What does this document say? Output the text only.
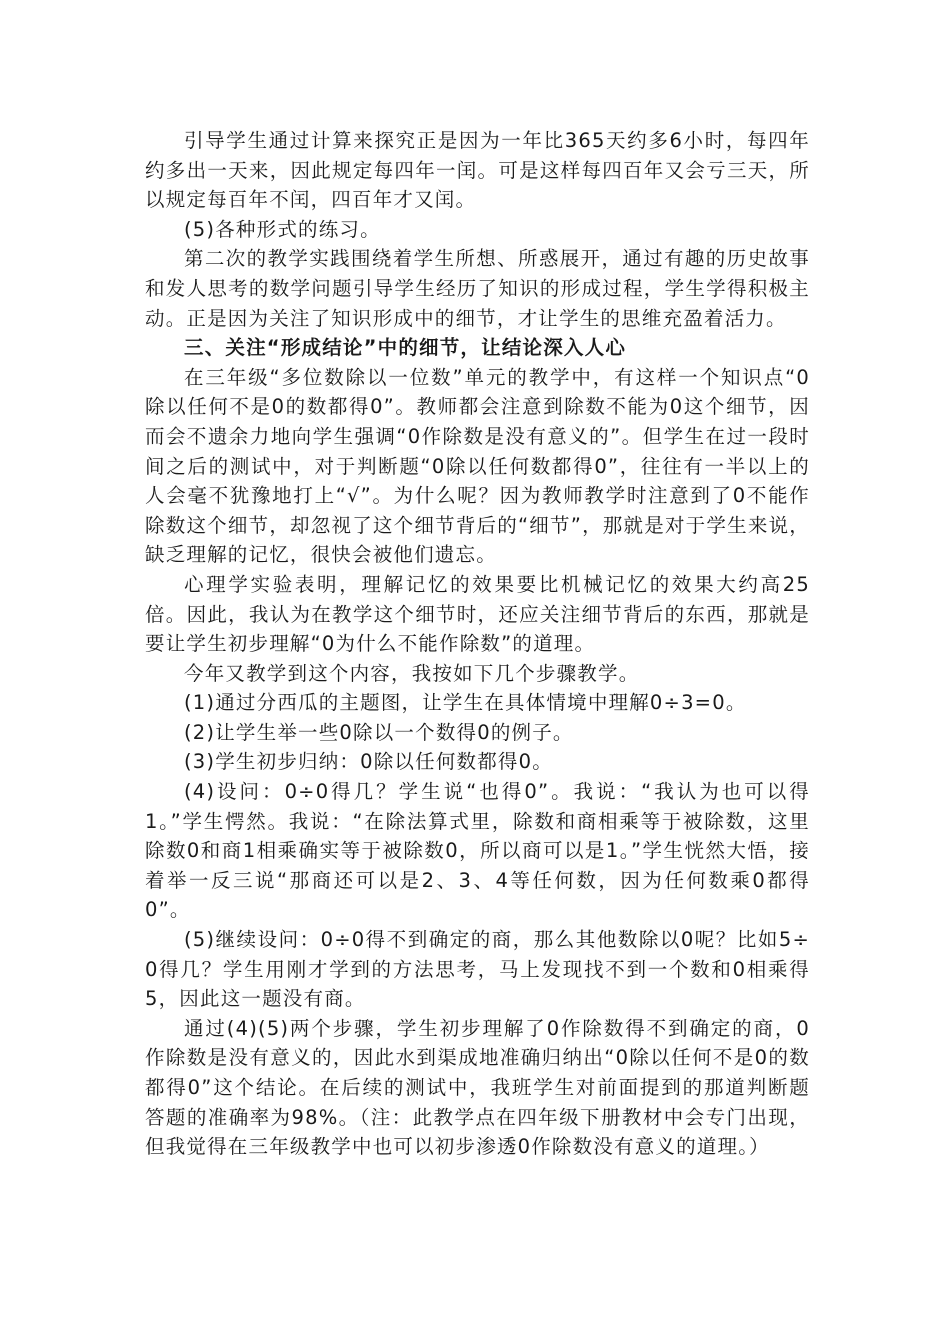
引导学生通过计算来探究正是因为一年比365天约多6小时，每四年约多出一天来，因此规定每四年一闰。可是这样每四百年又会亏三天，所以规定每百年不闰，四百年才又闰。

(5)各种形式的练习。

第二次的教学实践围绕着学生所想、所惑展开，通过有趣的历史故事和发人思考的数学问题引导学生经历了知识的形成过程，学生学得积极主动。正是因为关注了知识形成中的细节，才让学生的思维充盈着活力。

三、关注“形成结论”中的细节，让结论深入人心

在三年级“多位数除以一位数”单元的教学中，有这样一个知识点“0除以任何不是0的数都得0”。教师都会注意到除数不能为0这个细节，因而会不遗余力地向学生强调“0作除数是没有意义的”。但学生在过一段时间之后的测试中，对于判断题“0除以任何数都得0”，往往有一半以上的人会毫不犹豫地打上“√”。为什么呢？因为教师教学时注意到了0不能作除数这个细节，却忽视了这个细节背后的“细节”，那就是对于学生来说，缺乏理解的记忆，很快会被他们遗忘。

心理学实验表明，理解记忆的效果要比机械记忆的效果大约高25倍。因此，我认为在教学这个细节时，还应关注细节背后的东西，那就是要让学生初步理解“0为什么不能作除数”的道理。

今年又教学到这个内容，我按如下几个步骤教学。

(1)通过分西瓜的主题图，让学生在具体情境中理解0÷3=0。

(2)让学生举一些0除以一个数得0的例子。

(3)学生初步归纳：0除以任何数都得0。

(4)设问：0÷0得几？学生说“也得0”。我说：“我认为也可以得1。”学生愕然。我说：“在除法算式里，除数和商相乘等于被除数，这里除数0和商1相乘确实等于被除数0，所以商可以是1。”学生恍然大悟，接着举一反三说“那商还可以是2、3、4等任何数，因为任何数乘0都得0”。

(5)继续设问：0÷0得不到确定的商，那么其他数除以0呢？比如5÷0得几？学生用刚才学到的方法思考，马上发现找不到一个数和0相乘得5，因此这一题没有商。

通过(4)(5)两个步骤，学生初步理解了0作除数得不到确定的商，0作除数是没有意义的，因此水到渠成地准确归纳出“0除以任何不是0的数都得0”这个结论。在后续的测试中，我班学生对前面提到的那道判断题答题的准确率为98%。（注：此教学点在四年级下册教材中会专门出现，但我觉得在三年级教学中也可以初步渗透0作除数没有意义的道理。）
